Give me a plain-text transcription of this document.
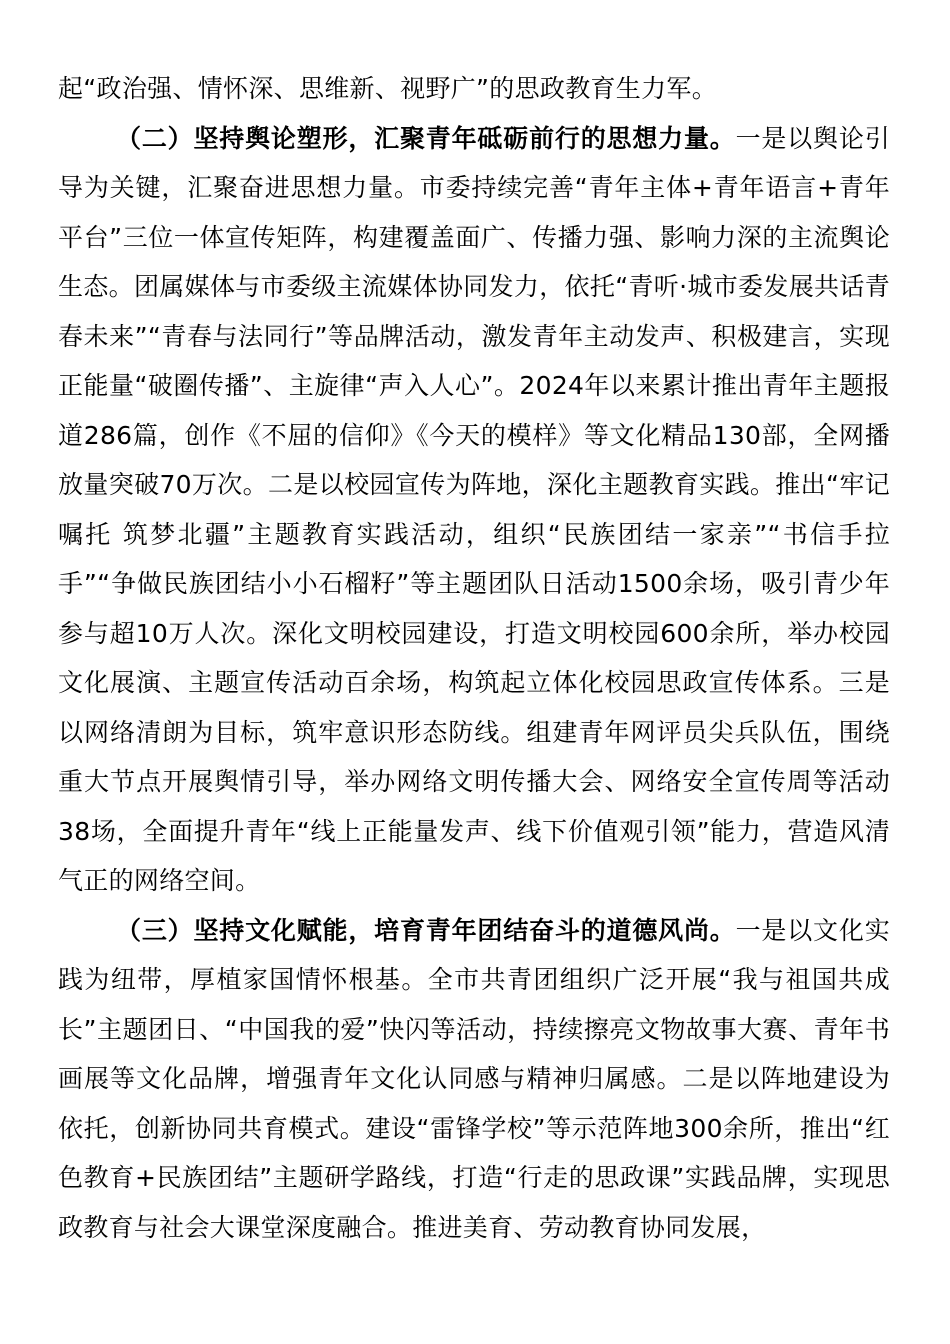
起“政治强、情怀深、思维新、视野广”的思政教育生力军。

（二）坚持舆论塑形，汇聚青年砥砺前行的思想力量。一是以舆论引导为关键，汇聚奋进思想力量。市委持续完善“青年主体+青年语言+青年平台”三位一体宣传矩阵，构建覆盖面广、传播力强、影响力深的主流舆论生态。团属媒体与市委级主流媒体协同发力，依托“青听·城市委发展共话青春未来”“青春与法同行”等品牌活动，激发青年主动发声、积极建言，实现正能量“破圈传播”、主旋律“声入人心”。2024年以来累计推出青年主题报道286篇，创作《不屈的信仰》《今天的模样》等文化精品130部，全网播放量突破70万次。二是以校园宣传为阵地，深化主题教育实践。推出“牢记嘱托 筑梦北疆”主题教育实践活动，组织“民族团结一家亲”“书信手拉手”“争做民族团结小小石榴籽”等主题团队日活动1500余场，吸引青少年参与超10万人次。深化文明校园建设，打造文明校园600余所，举办校园文化展演、主题宣传活动百余场，构筑起立体化校园思政宣传体系。三是以网络清朗为目标，筑牢意识形态防线。组建青年网评员尖兵队伍，围绕重大节点开展舆情引导，举办网络文明传播大会、网络安全宣传周等活动38场，全面提升青年“线上正能量发声、线下价值观引领”能力，营造风清气正的网络空间。

（三）坚持文化赋能，培育青年团结奋斗的道德风尚。一是以文化实践为纽带，厚植家国情怀根基。全市共青团组织广泛开展“我与祖国共成长”主题团日、“中国我的爱”快闪等活动，持续擦亮文物故事大赛、青年书画展等文化品牌，增强青年文化认同感与精神归属感。二是以阵地建设为依托，创新协同共育模式。建设“雷锋学校”等示范阵地300余所，推出“红色教育+民族团结”主题研学路线，打造“行走的思政课”实践品牌，实现思政教育与社会大课堂深度融合。推进美育、劳动教育协同发展，
